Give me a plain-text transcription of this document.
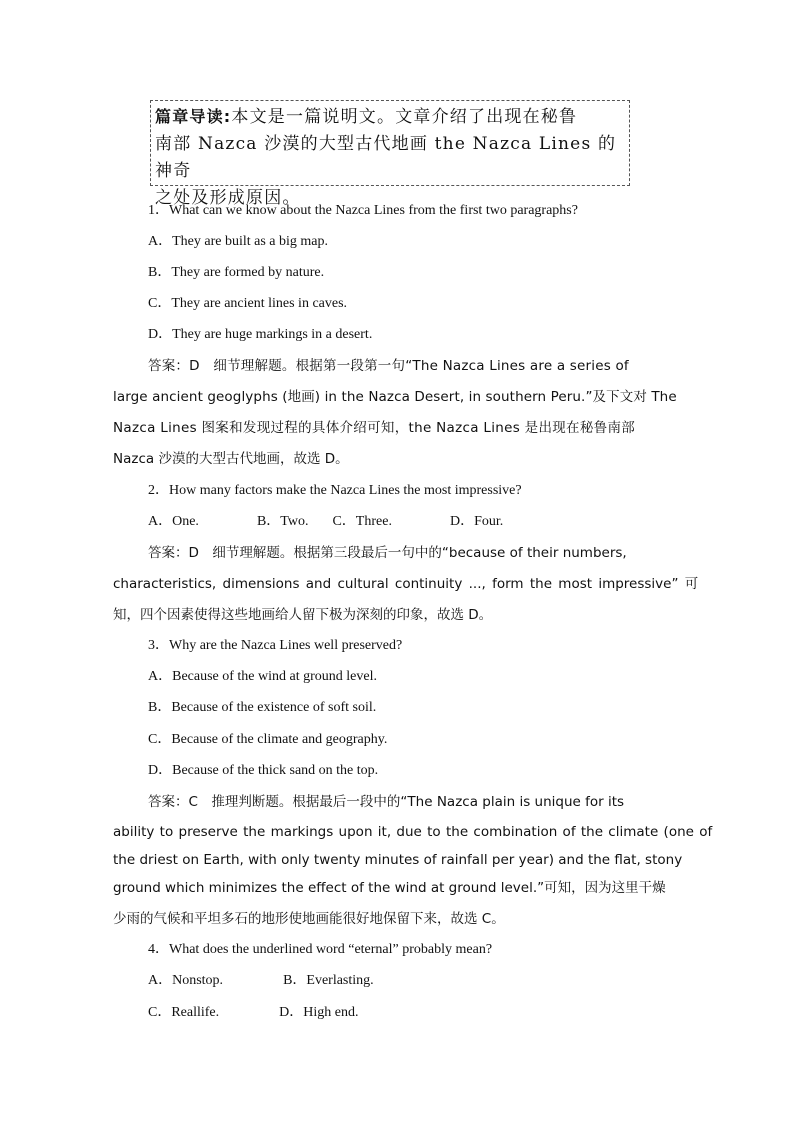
篇章导读:本文是一篇说明文。文章介绍了出现在秘鲁
南部 Nazca 沙漠的大型古代地画 the Nazca Lines 的神奇
之处及形成原因。
1．What can we know about the Nazca Lines from the first two paragraphs?
A．They are built as a big map.
B．They are formed by nature.
C．They are ancient lines in caves.
D．They are huge markings in a desert.
答案：D　细节理解题。根据第一段第一句“The Nazca Lines are a series of
large ancient geoglyphs (地画) in the Nazca Desert, in southern Peru.”及下文对 The
Nazca Lines 图案和发现过程的具体介绍可知，the Nazca Lines 是出现在秘鲁南部
Nazca 沙漠的大型古代地画，故选 D。
2．How many factors make the Nazca Lines the most impressive?
A．One.	B．Two. C．Three.	D．Four.
答案：D　细节理解题。根据第三段最后一句中的“because of their numbers,
characteristics, dimensions and cultural continuity ..., form the most impressive” 可
知，四个因素使得这些地画给人留下极为深刻的印象，故选 D。
3．Why are the Nazca Lines well preserved?
A．Because of the wind at ground level.
B．Because of the existence of soft soil.
C．Because of the climate and geography.
D．Because of the thick sand on the top.
答案：C　推理判断题。根据最后一段中的“The Nazca plain is unique for its
ability to preserve the markings upon it, due to the combination of the climate (one of
the driest on Earth, with only twenty minutes of rainfall per year) and the flat, stony
ground which minimizes the effect of the wind at ground level.”可知，因为这里干燥
少雨的气候和平坦多石的地形使地画能很好地保留下来，故选 C。
4．What does the underlined word “eternal” probably mean?
A．Nonstop.	B．Everlasting.
C．Reallife.	D．High end.
